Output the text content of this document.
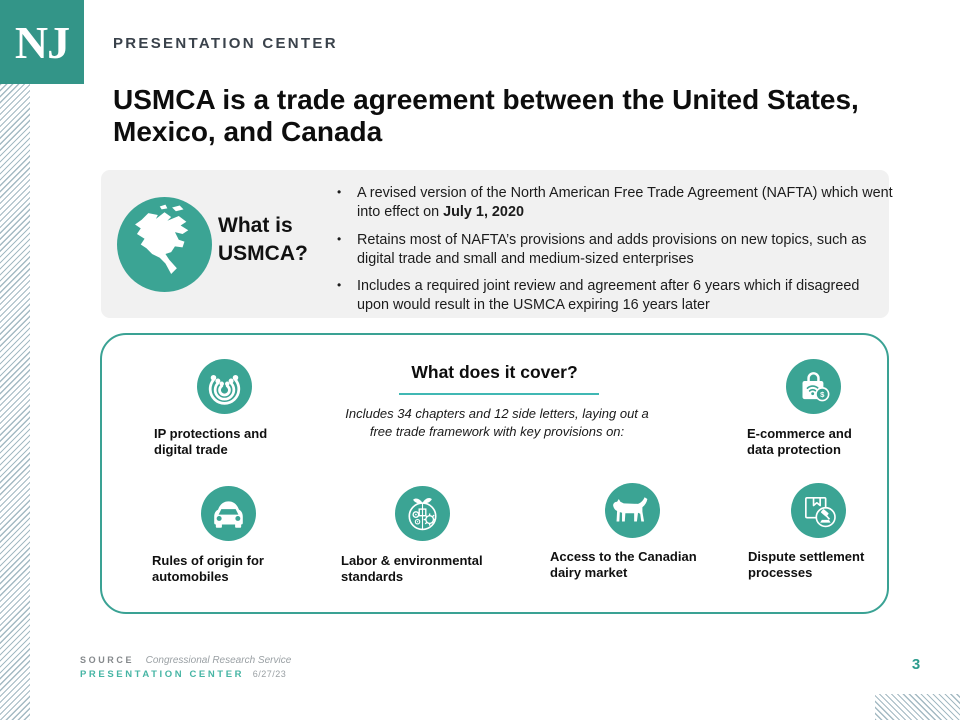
NJ	PRESENTATION CENTER
USMCA is a trade agreement between the United States, Mexico, and Canada
What is USMCA?
•	A revised version of the North American Free Trade Agreement (NAFTA) which went into effect on July 1, 2020
•	Retains most of NAFTA’s provisions and adds provisions on new topics, such as digital trade and small and medium-sized enterprises
•	Includes a required joint review and agreement after 6 years which if disagreed upon would result in the USMCA expiring 16 years later
What does it cover?
Includes 34 chapters and 12 side letters, laying out a free trade framework with key provisions on:
IP protections and digital trade
$
E-commerce and data protection
Rules of origin for automobiles
Labor & environmental standards
Access to the Canadian dairy market
Dispute settlement processes
SOURCE Congressional Research Service
PRESENTATION CENTER 6/27/23
3
